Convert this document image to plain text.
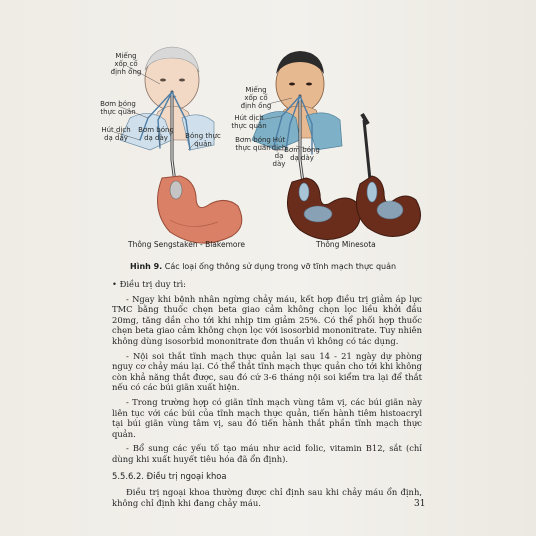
Miếng
xốp cố
định ống
Bơm bóng
thực quản
Hút dịch
dạ dày
Bơm bóng
dạ dày	Bóng thực
quản
Thông Sengstaken - Blakemore
Miếng
xốp cố
định ống
Hút dịch
thực quản
Bơm bóng
thực quản
Hút
dịch
dạ
dày
Bơm bóng
dạ dày
Thông Minesota
Hình 9. Các loại ống thông sử dụng trong vỡ tĩnh mạch thực quản
• Điều trị duy trì:

- Ngay khi bệnh nhân ngừng chảy máu, kết hợp điều trị giảm áp lực TMC bằng thuốc chẹn beta giao cảm không chọn lọc liều khởi đầu 20mg, tăng dần cho tới khi nhịp tim giảm 25%. Có thể phối hợp thuốc chẹn beta giao cảm không chọn lọc với isosorbid mononitrate. Tuy nhiên không dùng isosorbid mononitrate đơn thuần vì không có tác dụng.

- Nội soi thắt tĩnh mạch thực quản lại sau 14 - 21 ngày dự phòng nguy cơ chảy máu lại. Có thể thắt tĩnh mạch thực quản cho tới khi không còn khả năng thắt được, sau đó cứ 3-6 tháng nội soi kiểm tra lại để thắt nếu có các búi giãn xuất hiện.

- Trong trường hợp có giãn tĩnh mạch vùng tâm vị, các búi giãn này liên tục với các búi của tĩnh mạch thực quản, tiến hành tiêm histoacryl tại búi giãn vùng tâm vị, sau đó tiến hành thắt phần tĩnh mạch thực quản.

- Bổ sung các yếu tố tạo máu như acid folic, vitamin B12, sắt (chỉ dùng khi xuất huyết tiêu hóa đã ổn định).

5.5.6.2. Điều trị ngoại khoa

Điều trị ngoại khoa thường được chỉ định sau khi chảy máu ổn định, không chỉ định khi đang chảy máu.	31
